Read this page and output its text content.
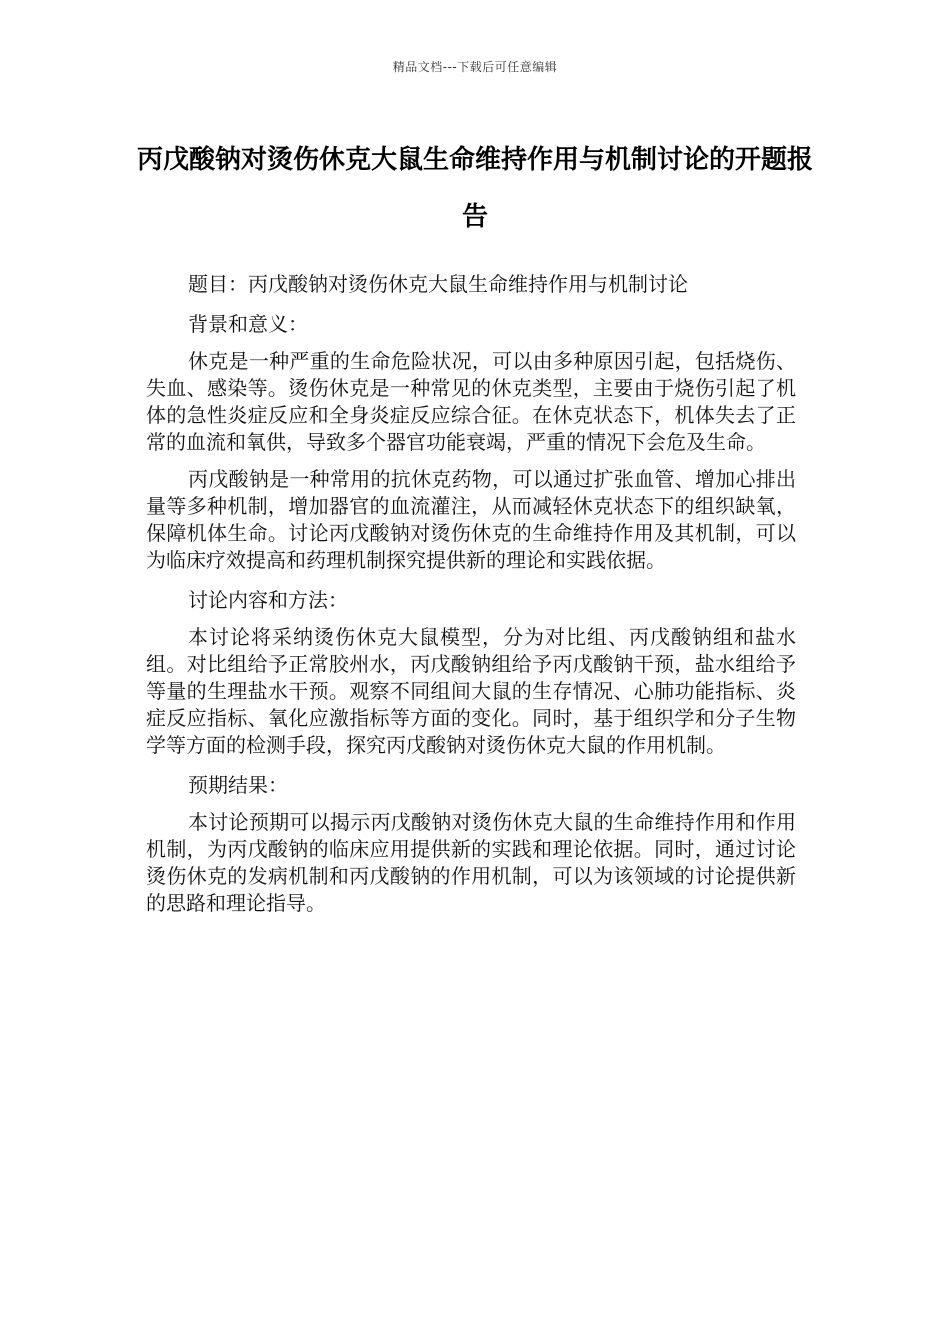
精品文档---下载后可任意编辑
丙戊酸钠对烫伤休克大鼠生命维持作用与机制讨论的开题报告

题目：丙戊酸钠对烫伤休克大鼠生命维持作用与机制讨论

背景和意义：

休克是一种严重的生命危险状况，可以由多种原因引起，包括烧伤、失血、感染等。烫伤休克是一种常见的休克类型，主要由于烧伤引起了机体的急性炎症反应和全身炎症反应综合征。在休克状态下，机体失去了正常的血流和氧供，导致多个器官功能衰竭，严重的情况下会危及生命。

丙戊酸钠是一种常用的抗休克药物，可以通过扩张血管、增加心排出量等多种机制，增加器官的血流灌注，从而减轻休克状态下的组织缺氧，保障机体生命。讨论丙戊酸钠对烫伤休克的生命维持作用及其机制，可以为临床疗效提高和药理机制探究提供新的理论和实践依据。

讨论内容和方法：

本讨论将采纳烫伤休克大鼠模型，分为对比组、丙戊酸钠组和盐水组。对比组给予正常胶州水，丙戊酸钠组给予丙戊酸钠干预，盐水组给予等量的生理盐水干预。观察不同组间大鼠的生存情况、心肺功能指标、炎症反应指标、氧化应激指标等方面的变化。同时，基于组织学和分子生物学等方面的检测手段，探究丙戊酸钠对烫伤休克大鼠的作用机制。

预期结果：

本讨论预期可以揭示丙戊酸钠对烫伤休克大鼠的生命维持作用和作用机制，为丙戊酸钠的临床应用提供新的实践和理论依据。同时，通过讨论烫伤休克的发病机制和丙戊酸钠的作用机制，可以为该领域的讨论提供新的思路和理论指导。
